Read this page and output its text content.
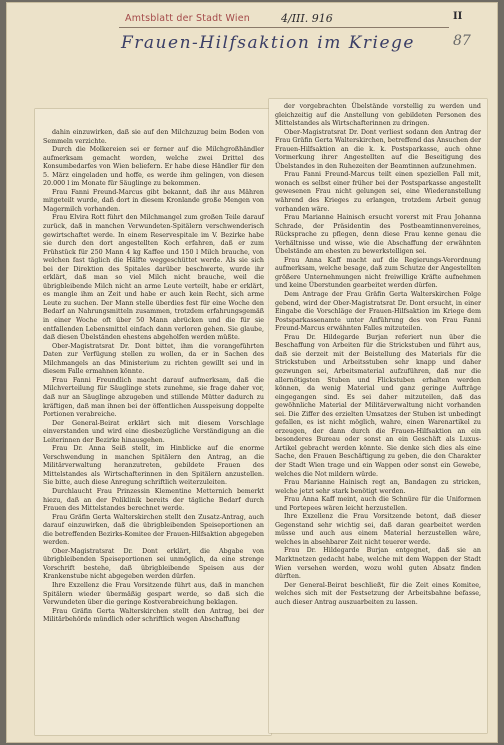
Amtsblatt der Stadt Wien	4/III. 916	II
Frauen-Hilfsaktion im Kriege	87

dahin einzuwirken, daß sie auf den Milchzuzug beim Boden von Semmeln verzichte.

Durch die Molkereien sei er ferner auf die Milchgroßhändler aufmerksam gemacht worden, welche zwei Drittel des Konsumbedarfes von Wien beliefern. Er habe diese Händler für den 5. März eingeladen und hoffe, es werde ihm gelingen, von diesen 20.000 l im Monate für Säuglinge zu bekommen.

Frau Fanni Freund-Marcus gibt bekannt, daß ihr aus Mähren mitgeteilt wurde, daß dort in diesem Kronlande große Mengen von Magermilch vorhanden.

Frau Elvira Rott führt den Milchmangel zum großen Teile darauf zurück, daß in manchen Verwundeten-Spitälern verschwenderisch gewirtschaftet werde. In einem Reservespitale im V. Bezirke habe sie durch den dort angestellten Koch erfahren, daß er zum Frühstück für 250 Mann 4 kg Kaffee und 150 l Milch brauche, von welchen fast täglich die Hälfte weggeschüttet werde. Als sie sich bei der Direktion des Spitales darüber beschwerte, wurde ihr erklärt, daß man so viel Milch nicht brauche, weil die übrigbleibende Milch nicht an arme Leute verteilt, habe er erklärt, es mangle ihm an Zeit und habe er auch kein Recht, sich arme Leute zu suchen. Der Mann stelle überdies fest für eine Woche den Bedarf an Nahrungsmitteln zusammen, trotzdem erfahrungsgemäß in einer Woche oft über 50 Mann abrücken und die für sie entfallenden Lebensmittel einfach dann verloren gehen. Sie glaube, daß diesen Übelständen ehestens abgeholfen werden müßte.

Ober-Magistratsrat Dr. Dont bittet, ihm die vorangeführten Daten zur Verfügung stellen zu wollen, da er in Sachen des Milchmangels an das Ministerium zu richten gewillt sei und in diesem Falle ermahnen könnte.

Frau Fanni Freundlich macht darauf aufmerksam, daß die Milchverteilung für Säuglinge stets zunehme, sie frage daher vor, daß nur an Säuglinge abzugeben und stillende Mütter dadurch zu kräftigen, daß man ihnen bei der öffentlichen Ausspeisung doppelte Portionen verabreiche.

Der General-Beirat erklärt sich mit diesem Vorschlage einverstanden und wird eine diesbezügliche Verständigung an die Leiterinnen der Bezirke hinausgehen.

Frau Dr. Anna Seiß stellt, im Hinblicke auf die enorme Verschwendung in manchen Spitälern den Antrag, an die Militärverwaltung heranzutreten, gebildete Frauen des Mittelstandes als Wirtschafterinnen in den Spitälern anzustellen. Sie bitte, auch diese Anregung schriftlich weiterzuleiten.

Durchlaucht Frau Prinzessin Klementine Metternich bemerkt hiezu, daß an der Poliklinik bereits der tägliche Bedarf durch Frauen des Mittelstandes berechnet werde.

Frau Gräfin Gerta Walterskirchen stellt den Zusatz-Antrag, auch darauf einzuwirken, daß die übrigbleibenden Speiseportionen an die betreffenden Bezirks-Komitee der Frauen-Hilfsaktion abgegeben werden.

Ober-Magistratsrat Dr. Dont erklärt, die Abgabe von übrigbleibenden Speiseportionen sei unmöglich, da eine strenge Vorschrift bestehe, daß übrigbleibende Speisen aus der Krankenstube nicht abgegeben werden dürfen.

Ihre Exzellenz die Frau Vorsitzende führt aus, daß in manchen Spitälern wieder übermäßig gespart werde, so daß sich die Verwundeten über die geringe Kostverabreichung beklagen.

Frau Gräfin Gerta Walterskirchen stellt den Antrag, bei der Militärbehörde mündlich oder schriftlich wegen Abschaffung

der vorgebrachten Übelstände vorstellig zu werden und gleichzeitig auf die Anstellung von gebildeten Personen des Mittelstandes als Wirtschafterinnen zu dringen.

Ober-Magistratsrat Dr. Dont verliest sodann den Antrag der Frau Gräfin Gerta Walterskirchen, betreffend das Ansuchen der Frauen-Hilfsaktion an die k. k. Postsparkasse, auch ohne Vormerkung ihrer Angestellten auf die Beseitigung des Übelstandes in den Ruhezeiten der Beamtinnen aufzunehmen.

Frau Fanni Freund-Marcus teilt einen speziellen Fall mit, wonach es selbst einer früher bei der Postsparkasse angestellt gewesenen Frau nicht gelungen sei, eine Wiederanstellung während des Krieges zu erlangen, trotzdem Arbeit genug vorhanden wäre.

Frau Marianne Hainisch ersucht vorerst mit Frau Johanna Schrade, der Präsidentin des Postbeamtinnenvereines, Rücksprache zu pflegen, denn diese Frau kenne genau die Verhältnisse und wisse, wie die Abschaffung der erwähnten Übelstände am ehesten zu bewerkstelligen sei.

Frau Anna Kaff macht auf die Regierungs-Verordnung aufmerksam, welche besage, daß zum Schutze der Angestellten größere Unternehmungen nicht freiwillige Kräfte aufnehmen und keine Überstunden gearbeitet werden dürfen.

Dem Antrage der Frau Gräfin Gerta Walterskirchen Folge gebend, wird der Ober-Magistratsrat Dr. Dont ersucht, in einer Eingabe die Vorschläge der Frauen-Hilfsaktion im Kriege dem Postsparkassenamte unter Anführung des von Frau Fanni Freund-Marcus erwähnten Falles mitzuteilen.

Frau Dr. Hildegarde Burjan referiert nun über die Beschaffung von Arbeiten für die Strickstuben und führt aus, daß sie derzeit mit der Beistellung des Materials für die Strickstuben und Arbeitsstuben sehr knapp und daher gezwungen sei, Arbeitsmaterial aufzuführen, daß nur die allernötigsten Stuben und Flickstuben erhalten werden können, da wenig Material und ganz geringe Aufträge eingegangen sind. Es sei daher mitzuteilen, daß das gewöhnliche Material der Militärverwaltung nicht vorhanden sei. Die Ziffer des erzielten Umsatzes der Stuben ist unbedingt gefallen, es ist nicht möglich, wahre, einen Warenartikel zu erzeugen, der dann durch die Frauen-Hilfsaktion an ein besonderes Bureau oder sonst an ein Geschäft als Luxus-Artikel gebracht werden könnte. Sie denke sich dies als eine Sache, den Frauen Beschäftigung zu geben, die den Charakter der Stadt Wien trage und ein Wappen oder sonst ein Gewebe, welches die Not mildern würde.

Frau Marianne Hainisch regt an, Bandagen zu stricken, welche jetzt sehr stark benötigt werden.

Frau Anna Kaff meint, auch die Schnüre für die Uniformen und Portepees wären leicht herzustellen.

Ihre Exzellenz die Frau Vorsitzende betont, daß dieser Gegenstand sehr wichtig sei, daß daran gearbeitet werden müsse und auch aus einem Material herzustellen wäre, welches in absehbarer Zeit nicht teuerer werde.

Frau Dr. Hildegarde Burjan entgegnet, daß sie an Marktnetzen gedacht habe, welche mit dem Wappen der Stadt Wien versehen werden, wozu wohl guten Absatz finden dürften.

Der General-Beirat beschließt, für die Zeit eines Komitee, welches sich mit der Festsetzung der Arbeitsbahne befasse, auch dieser Antrag auszuarbeiten zu lassen.
